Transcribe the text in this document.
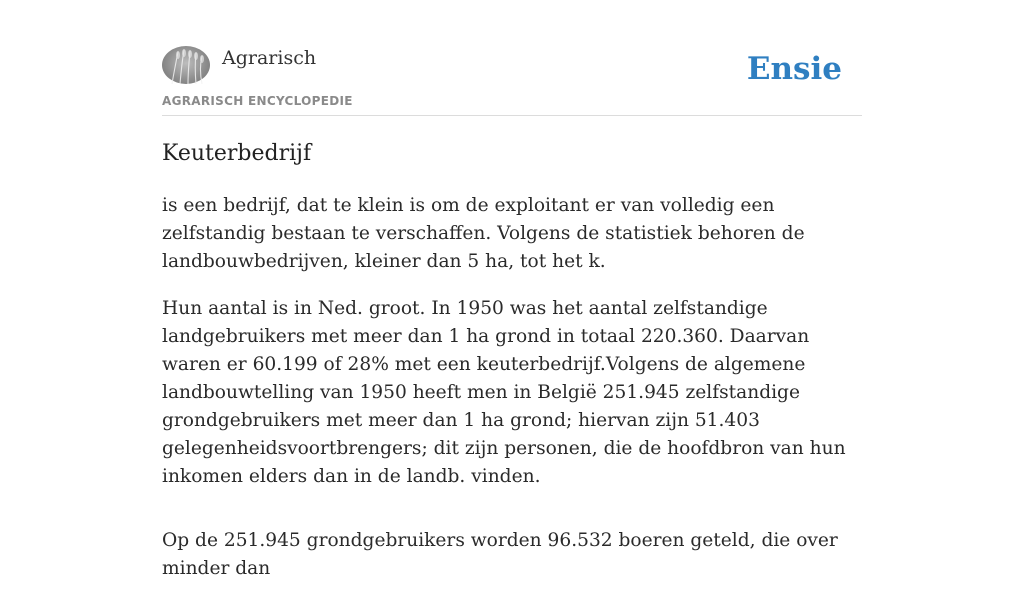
Agrarisch
AGRARISCH ENCYCLOPEDIE
Ensie
Keuterbedrijf

is een bedrijf, dat te klein is om de exploitant er van volledig een zelfstandig bestaan te verschaffen. Volgens de statistiek behoren de landbouwbedrijven, kleiner dan 5 ha, tot het k.

Hun aantal is in Ned. groot. In 1950 was het aantal zelfstandige landgebruikers met meer dan 1 ha grond in totaal 220.360. Daarvan waren er 60.199 of 28% met een keuterbedrijf.Volgens de algemene landbouwtelling van 1950 heeft men in België 251.945 zelfstandige grondgebruikers met meer dan 1 ha grond; hiervan zijn 51.403 gelegenheidsvoortbrengers; dit zijn personen, die de hoofdbron van hun inkomen elders dan in de landb. vinden.

Op de 251.945 grondgebruikers worden 96.532 boeren geteld, die over minder dan
